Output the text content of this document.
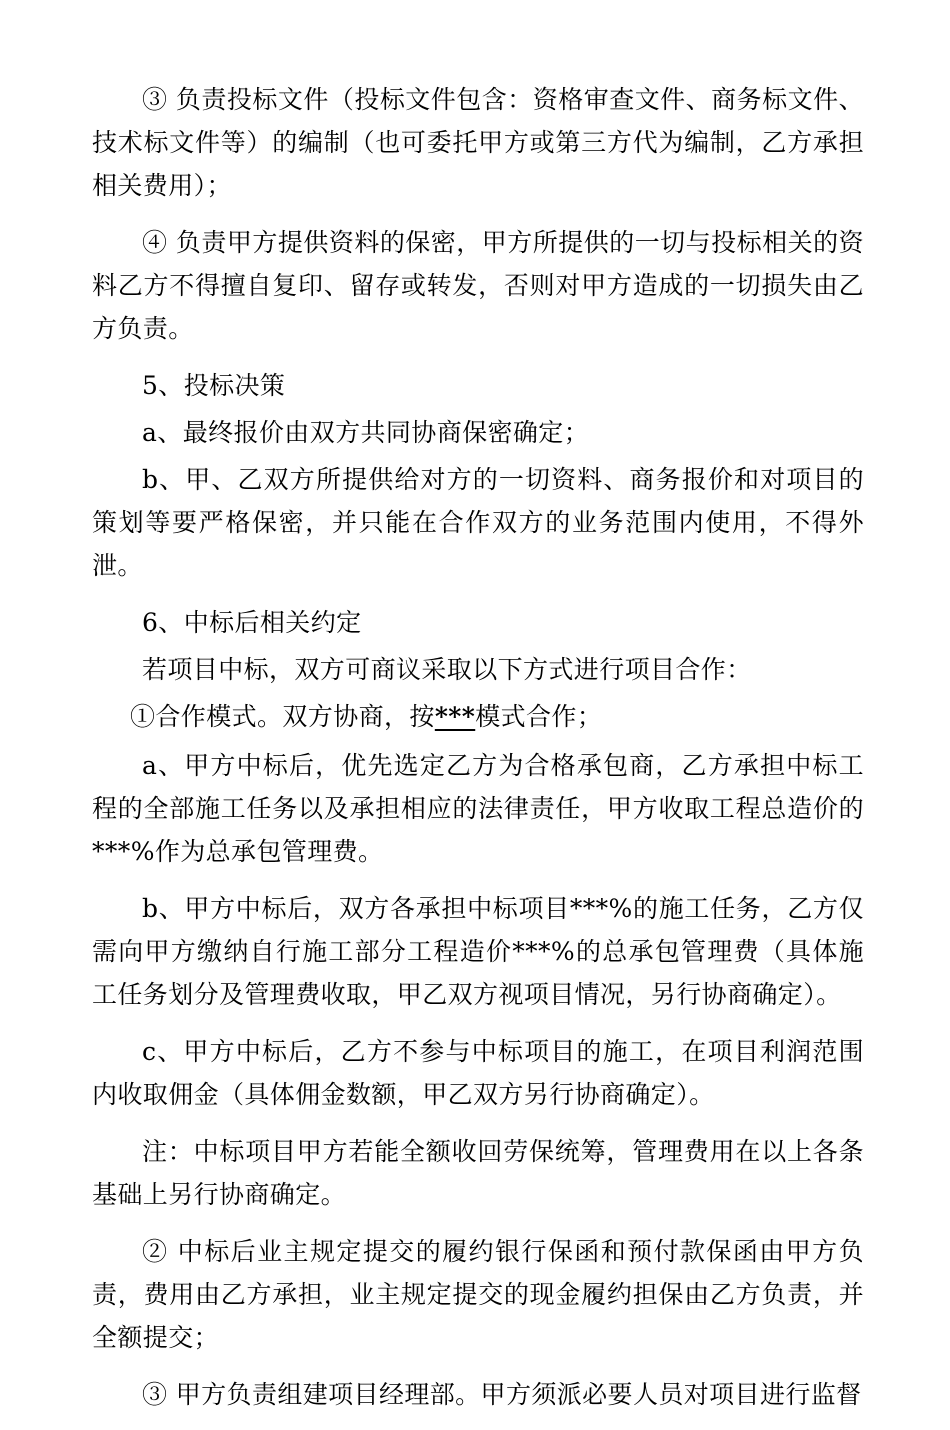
③ 负责投标文件（投标文件包含：资格审查文件、商务标文件、技术标文件等）的编制（也可委托甲方或第三方代为编制，乙方承担相关费用）；

④ 负责甲方提供资料的保密，甲方所提供的一切与投标相关的资料乙方不得擅自复印、留存或转发，否则对甲方造成的一切损失由乙方负责。

5、投标决策

a、最终报价由双方共同协商保密确定；

b、甲、乙双方所提供给对方的一切资料、商务报价和对项目的策划等要严格保密，并只能在合作双方的业务范围内使用，不得外泄。

6、中标后相关约定

若项目中标，双方可商议采取以下方式进行项目合作：

①合作模式。双方协商，按***模式合作；

a、甲方中标后，优先选定乙方为合格承包商，乙方承担中标工程的全部施工任务以及承担相应的法律责任，甲方收取工程总造价的***%作为总承包管理费。

b、甲方中标后，双方各承担中标项目***%的施工任务，乙方仅需向甲方缴纳自行施工部分工程造价***%的总承包管理费（具体施工任务划分及管理费收取，甲乙双方视项目情况，另行协商确定）。

c、甲方中标后，乙方不参与中标项目的施工，在项目利润范围内收取佣金（具体佣金数额，甲乙双方另行协商确定）。

注：中标项目甲方若能全额收回劳保统筹，管理费用在以上各条基础上另行协商确定。

② 中标后业主规定提交的履约银行保函和预付款保函由甲方负责，费用由乙方承担，业主规定提交的现金履约担保由乙方负责，并全额提交；

③ 甲方负责组建项目经理部。甲方须派必要人员对项目进行监督
